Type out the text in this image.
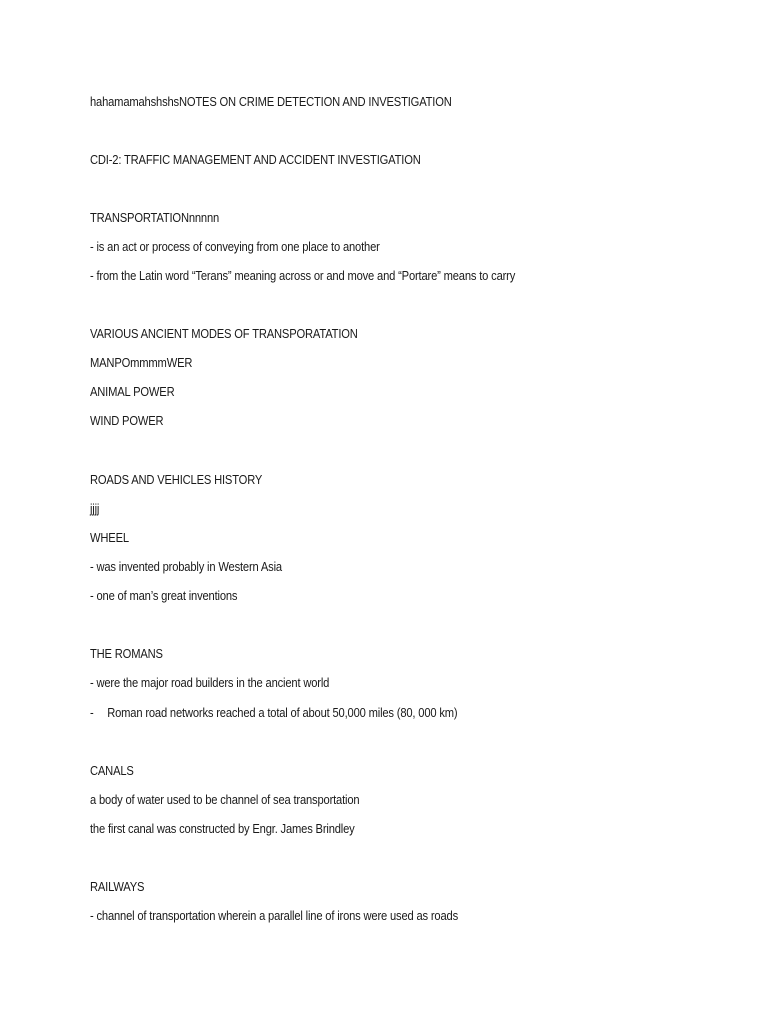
hahamamahshshsNOTES ON CRIME DETECTION AND INVESTIGATION
CDI-2: TRAFFIC MANAGEMENT AND ACCIDENT INVESTIGATION
TRANSPORTATIONnnnnn
- is an act or process of conveying from one place to another
- from the Latin word “Terans” meaning across or and move and “Portare” means to carry
VARIOUS ANCIENT MODES OF TRANSPORATATION
MANPOmmmmWER
ANIMAL POWER
WIND POWER
ROADS AND VEHICLES HISTORY
jjjj
WHEEL
- was invented probably in Western Asia
- one of man’s great inventions
THE ROMANS
- were the major road builders in the ancient world
- Roman road networks reached a total of about 50,000 miles (80, 000 km)
CANALS
a body of water used to be channel of sea transportation
the first canal was constructed by Engr. James Brindley
RAILWAYS
- channel of transportation wherein a parallel line of irons were used as roads
